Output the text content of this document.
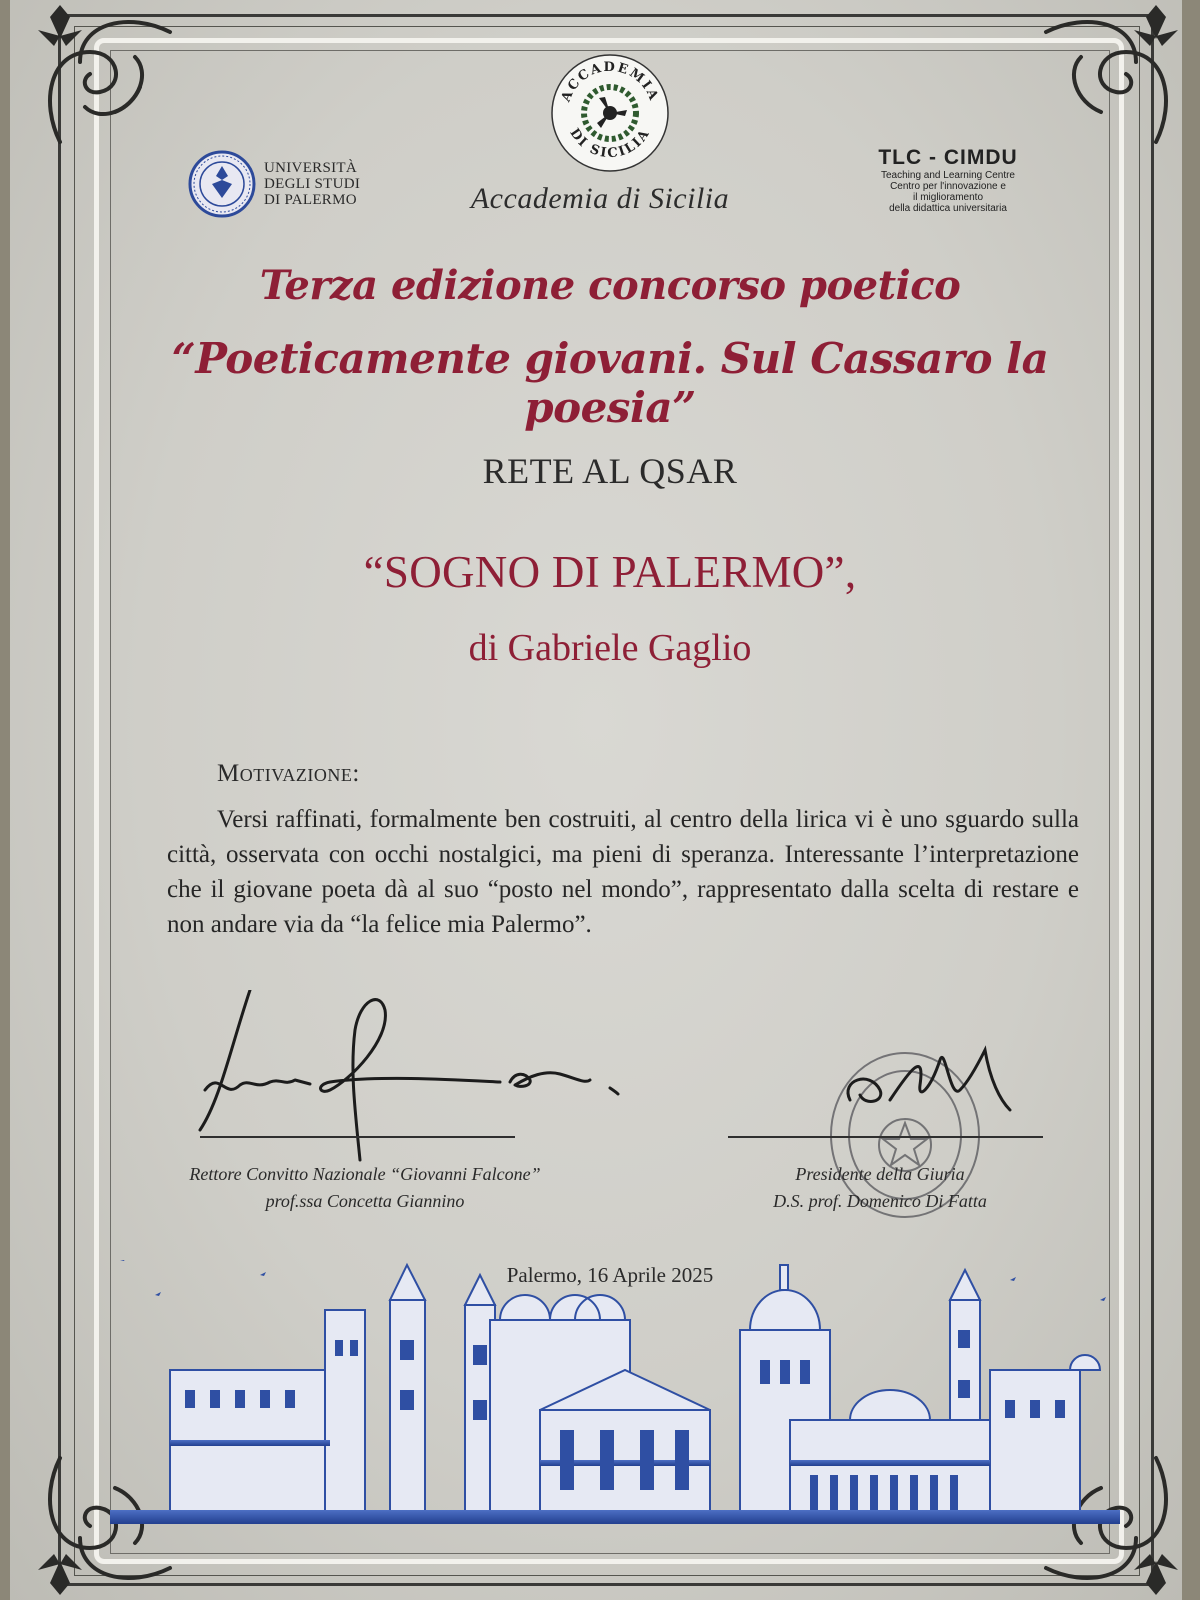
UNIVERSITÀ
DEGLI STUDI
DI PALERMO
ACCADEMIA
DI SICILIA
Accademia di Sicilia
TLC - CIMDU
Teaching and Learning Centre
Centro per l'innovazione e
il miglioramento
della didattica universitaria
Terza edizione concorso poetico
“Poeticamente giovani. Sul Cassaro la poesia”
RETE AL QSAR
“SOGNO DI PALERMO”,
di Gabriele Gaglio
Motivazione:
Versi raffinati, formalmente ben costruiti, al centro della lirica vi è uno sguardo sulla città, osservata con occhi nostalgici, ma pieni di speranza. Interessante l’interpretazione che il giovane poeta dà al suo “posto nel mondo”, rappresentato dalla scelta di restare e non andare via da “la felice mia Palermo”.
Rettore Convitto Nazionale “Giovanni Falcone”
prof.ssa Concetta Giannino
Presidente della Giuria
D.S. prof. Domenico Di Fatta
Palermo, 16 Aprile 2025
